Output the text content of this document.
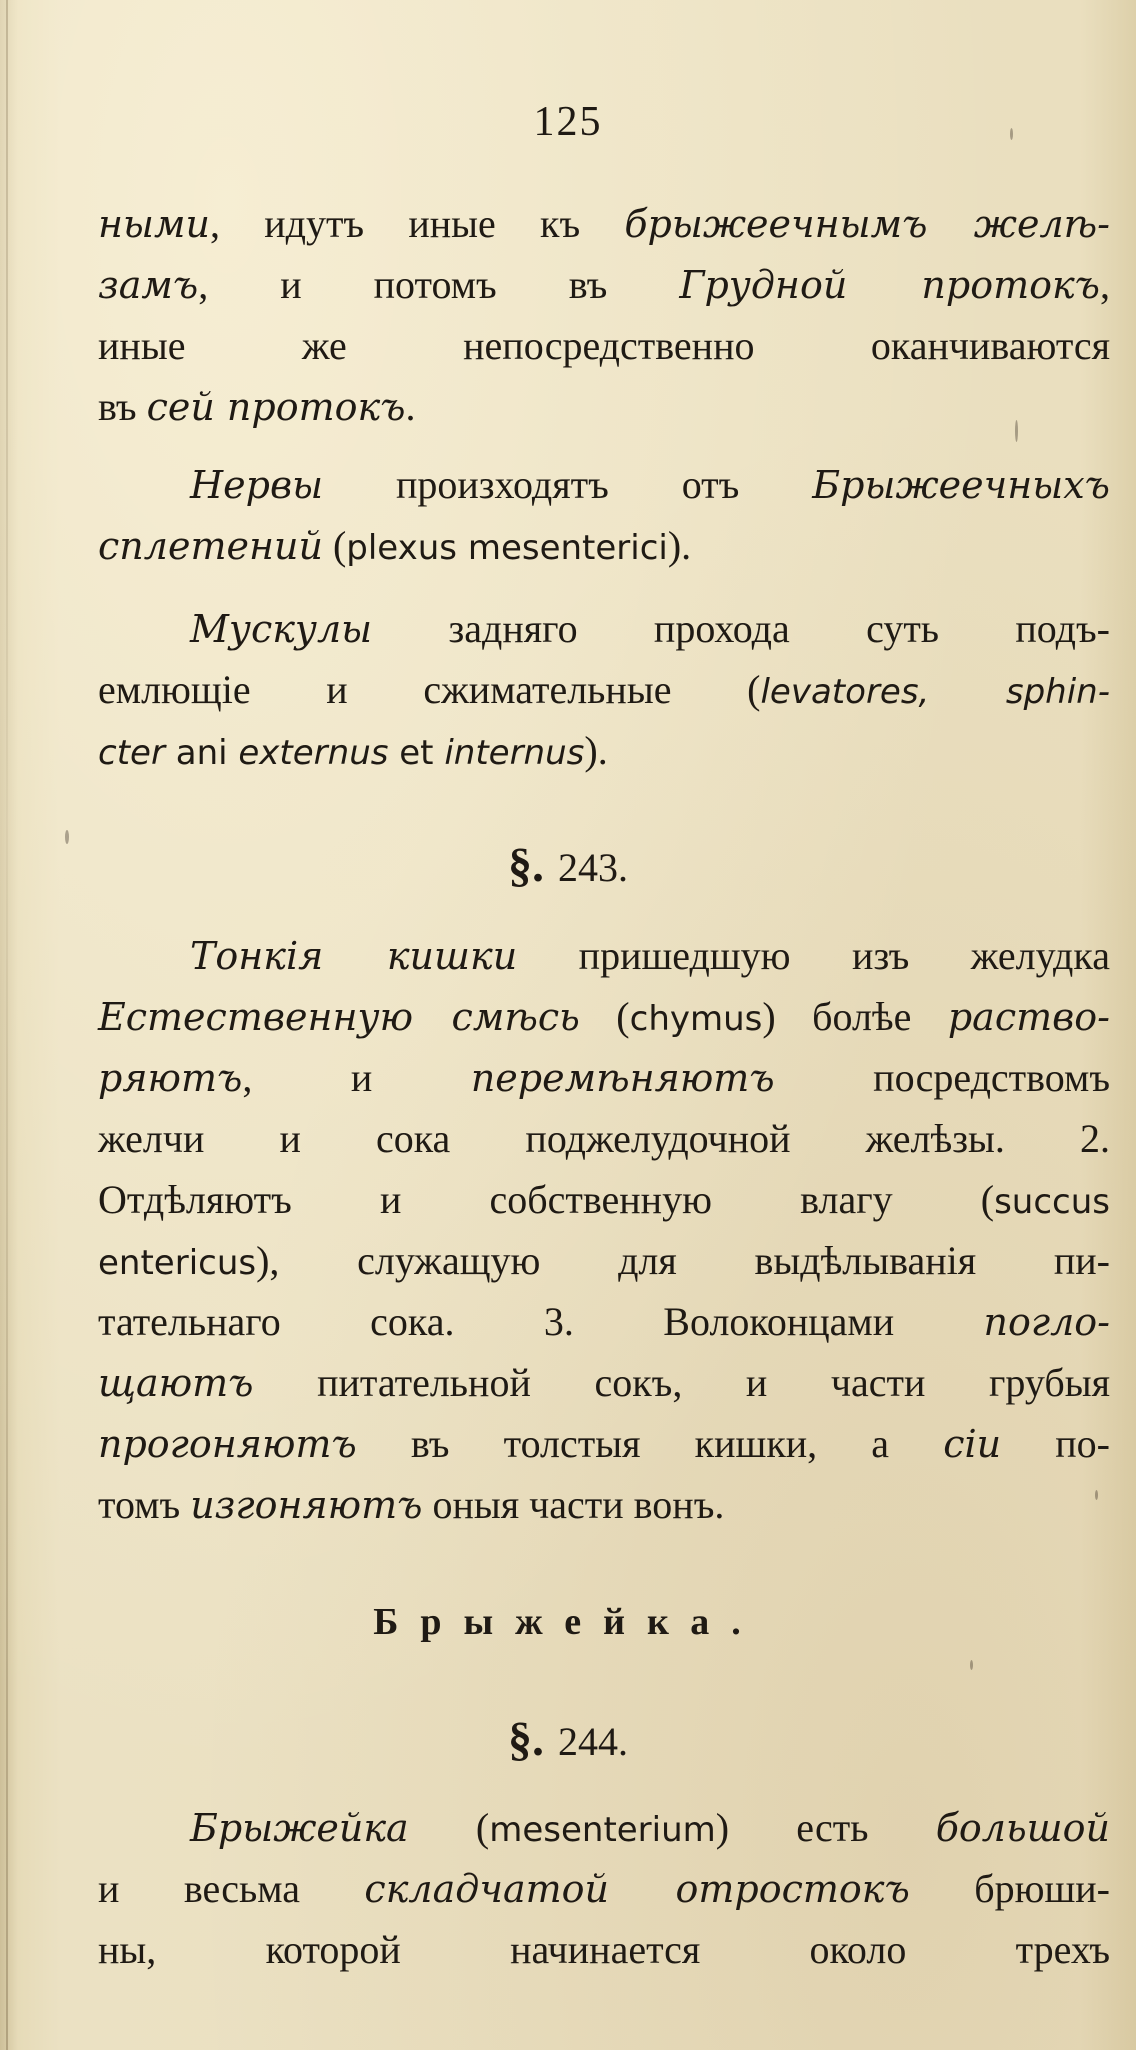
125
ными, идутъ иные къ брыжеечнымъ желѣ-
замъ, и потомъ въ Грудной протокъ,
иные же непосредственно оканчиваются
въ сей протокъ.
Нервы произходятъ отъ Брыжеечныхъ
сплетений (plexus mesenterici).
Мускулы задняго прохода суть подъ-
емлющіе и сжимательные (levatores, sphin-
cter ani externus et internus).
§. 243.
Тонкія кишки пришедшую изъ желудка
Естественную смѣсь (chymus) болѣе раство-
ряютъ, и перемѣняютъ посредствомъ
желчи и сока поджелудочной желѣзы. 2.
Отдѣляютъ и собственную влагу (succus
entericus), служащую для выдѣлыванія пи-
тательнаго сока. 3. Волоконцами погло-
щаютъ питательной сокъ, и части грубыя
прогоняютъ въ толстыя кишки, а сіи по-
томъ изгоняютъ оныя части вонъ.
Брыжейка.
§. 244.
Брыжейка (mesenterium) есть большой
и весьма складчатой отростокъ брюши-
ны, которой начинается около трехъ
